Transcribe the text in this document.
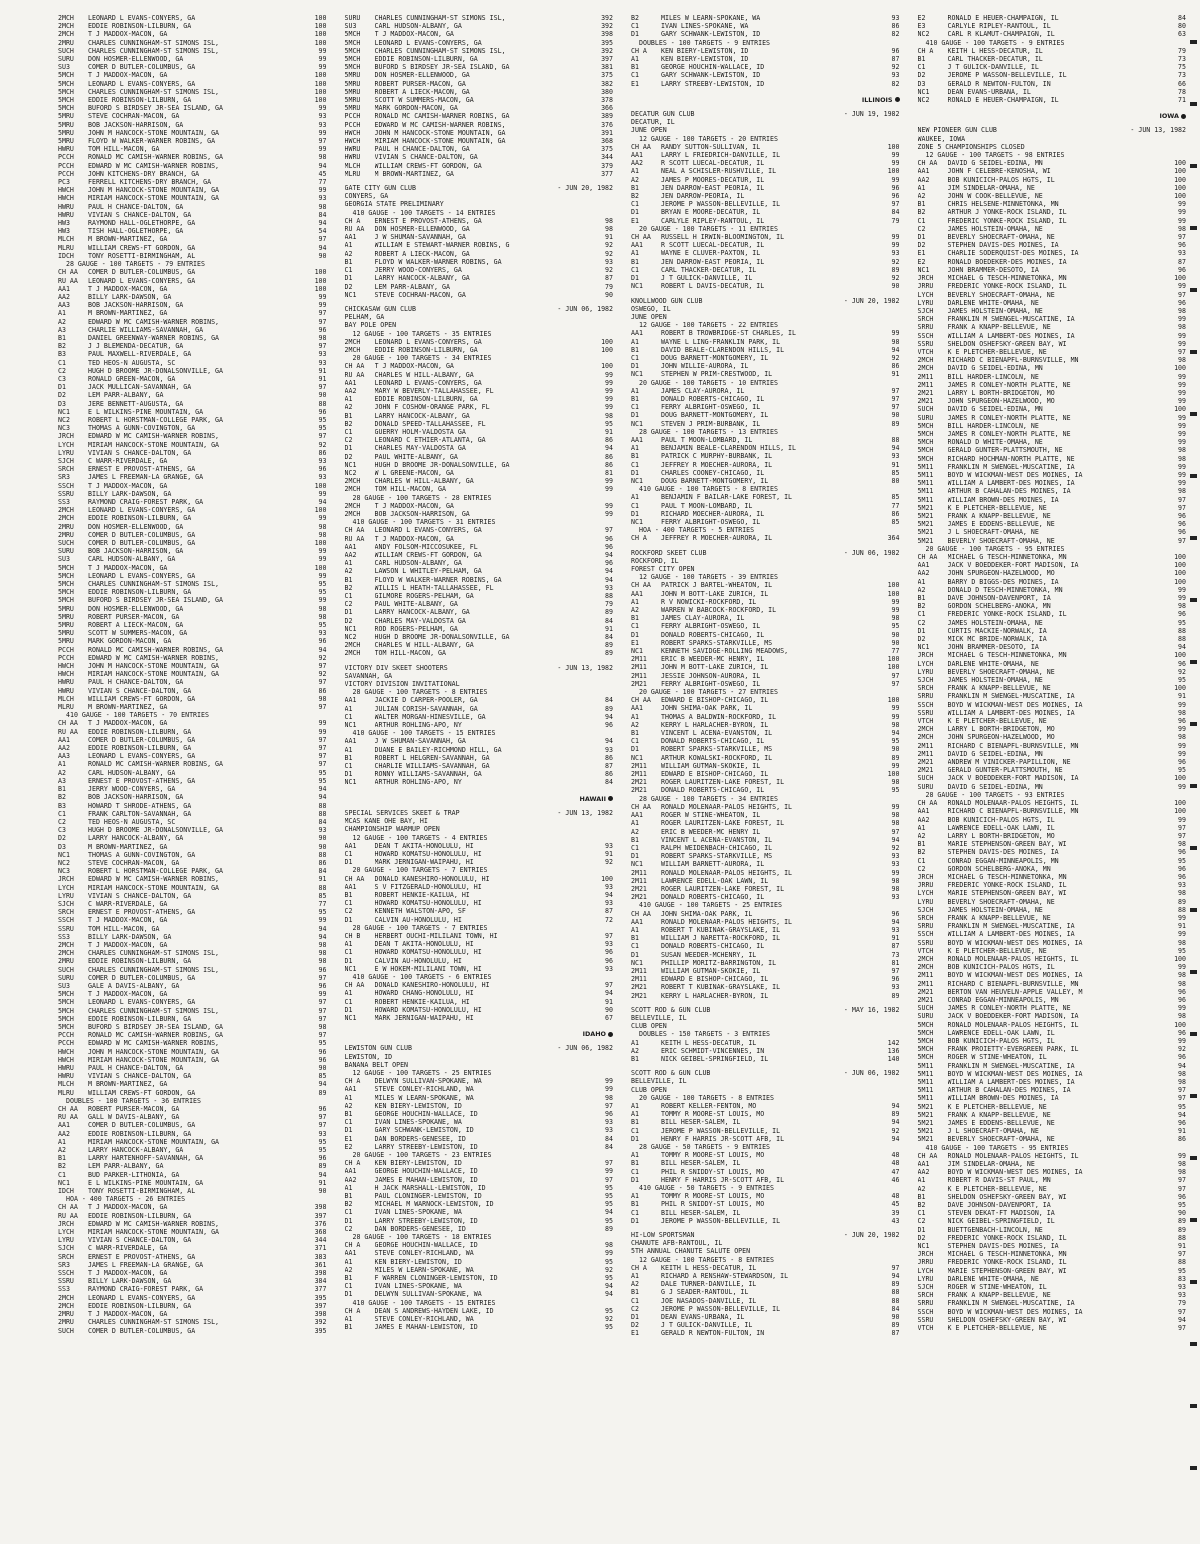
2MCH	LEONARD L EVANS-CONYERS, GA	100
2MCH	EDDIE ROBINSON-LILBURN, GA	100
2MCH	T J MADDOX-MACON, GA	100
2MRU	CHARLES CUNNINGHAM-ST SIMONS ISL,	100
SUCH	CHARLES CUNNINGHAM-ST SIMONS ISL,	99
SURU	DON HOSMER-ELLENWOOD, GA	99
SU3	COMER D BUTLER-COLUMBUS, GA	99
5MCH	T J MADDOX-MACON, GA	100
5MCH	LEONARD L EVANS-CONYERS, GA	100
5MCH	CHARLES CUNNINGHAM-ST SIMONS ISL,	100
5MCH	EDDIE ROBINSON-LILBURN, GA	100
5MCH	BUFORD S BIRDSEY JR-SEA ISLAND, GA	99
5MRU	STEVE COCHRAN-MACON, GA	93
5MRU	BOB JACKSON-HARRISON, GA	93
5MRU	JOHN M HANCOCK-STONE MOUNTAIN, GA	99
5MRU	FLOYD W WALKER-WARNER ROBINS, GA	97
HWRU	TOM HILL-MACON, GA	99
PCCH	RONALD MC CAMISH-WARNER ROBINS, GA	98
PCCH	EDWARD W MC CAMISH-WARNER ROBINS,	94
PCCH	JOHN KITCHENS-DRY BRANCH, GA	45
PC3	FERRELL KITCHENS-DRY BRANCH, GA	77
HWCH	JOHN M HANCOCK-STONE MOUNTAIN, GA	99
HWCH	MIRIAM HANCOCK-STONE MOUNTAIN, GA	93
HWRU	PAUL H CHANCE-DALTON, GA	98
HWRU	VIVIAN S CHANCE-DALTON, GA	84
HW3	RAYMOND HALL-OGLETHORPE, GA	94
HW3	TISH HALL-OGLETHORPE, GA	54
MLCH	M BROWN-MARTINEZ, GA	97
MLRU	WILLIAM CREWS-FT GORDON, GA	94
IDCH	TONY ROSETTI-BIRMINGHAM, AL	90
28 GAUGE - 100 TARGETS - 79 ENTRIES
CH AA	COMER D BUTLER-COLUMBUS, GA	100
RU AA	LEONARD L EVANS-CONYERS, GA	100
AA1	T J MADDOX-MACON, GA	100
AA2	BILLY LARK-DAWSON, GA	99
AA3	BOB JACKSON-HARRISON, GA	99
A1	M BROWN-MARTINEZ, GA	97
A2	EDWARD W MC CAMISH-WARNER ROBINS,	97
A3	CHARLIE WILLIAMS-SAVANNAH, GA	96
B1	DANIEL GREENWAY-WARNER ROBINS, GA	98
B2	J J BLEMENDA-DECATUR, GA	97
B3	PAUL MAXWELL-RIVERDALE, GA	93
C1	TED HEOS-N AUGUSTA, SC	93
C2	HUGH D BROOME JR-DONALSONVILLE, GA	91
C3	RONALD GREEN-MACON, GA	91
D1	JACK MULLICAN-SAVANNAH, GA	97
D2	LEM PARR-ALBANY, GA	90
D3	JERE BENNETT-AUGUSTA, GA	88
NC1	E L WILKINS-PINE MOUNTAIN, GA	96
NC2	ROBERT L HORSTMAN-COLLEGE PARK, GA	95
NC3	THOMAS A GUNN-COVINGTON, GA	95
JRCH	EDWARD W MC CAMISH-WARNER ROBINS,	97
LYCH	MIRIAM HANCOCK-STONE MOUNTAIN, GA	92
LYRU	VIVIAN S CHANCE-DALTON, GA	86
SJCH	C WARR-RIVERDALE, GA	93
SRCH	ERNEST E PROVOST-ATHENS, GA	96
SR3	JAMES L FREEMAN-LA GRANGE, GA	93
SSCH	T J MADDOX-MACON, GA	100
SSRU	BILLY LARK-DAWSON, GA	99
SS3	RAYMOND CRAIG-FOREST PARK, GA	94
2MCH	LEONARD L EVANS-CONYERS, GA	100
2MCH	EDDIE ROBINSON-LILBURN, GA	99
2MRU	DON HOSMER-ELLENWOOD, GA	98
2MRU	COMER D BUTLER-COLUMBUS, GA	98
SUCH	COMER D BUTLER-COLUMBUS, GA	100
SURU	BOB JACKSON-HARRISON, GA	99
SU3	CARL HUDSON-ALBANY, GA	99
5MCH	T J MADDOX-MACON, GA	100
5MCH	LEONARD L EVANS-CONYERS, GA	99
5MCH	CHARLES CUNNINGHAM-ST SIMONS ISL,	95
5MCH	EDDIE ROBINSON-LILBURN, GA	95
5MCH	BUFORD S BIRDSEY JR-SEA ISLAND, GA	99
5MRU	DON HOSMER-ELLENWOOD, GA	98
5MRU	ROBERT PURSER-MACON, GA	98
5MRU	ROBERT A LIECK-MACON, GA	95
5MRU	SCOTT W SUMMERS-MACON, GA	93
5MRU	MARK GORDON-MACON, GA	96
PCCH	RONALD MC CAMISH-WARNER ROBINS, GA	94
PCCH	EDWARD W MC CAMISH-WARNER ROBINS,	92
HWCH	JOHN M HANCOCK-STONE MOUNTAIN, GA	97
HWCH	MIRIAM HANCOCK-STONE MOUNTAIN, GA	92
HWRU	PAUL H CHANCE-DALTON, GA	97
HWRU	VIVIAN S CHANCE-DALTON, GA	86
MLCH	WILLIAM CREWS-FT GORDON, GA	98
MLRU	M BROWN-MARTINEZ, GA	97
410 GAUGE - 100 TARGETS - 70 ENTRIES
CH AA	T J MADDOX-MACON, GA	99
RU AA	EDDIE ROBINSON-LILBURN, GA	99
AA1	COMER D BUTLER-COLUMBUS, GA	97
AA2	EDDIE ROBINSON-LILBURN, GA	97
AA3	LEONARD L EVANS-CONYERS, GA	97
A1	RONALD MC CAMISH-WARNER ROBINS, GA	97
A2	CARL HUDSON-ALBANY, GA	95
A3	ERNEST E PROVOST-ATHENS, GA	95
B1	JERRY WOOD-CONYERS, GA	94
B2	BOB JACKSON-HARRISON, GA	94
B3	HOWARD T SHRODE-ATHENS, GA	88
C1	FRANK CARLTON-SAVANNAH, GA	88
C2	TED HEOS-N AUGUSTA, SC	84
C3	HUGH D BROOME JR-DONALSONVILLE, GA	93
D2	LARRY HANCOCK-ALBANY, GA	90
D3	M BROWN-MARTINEZ, GA	90
NC1	THOMAS A GUNN-COVINGTON, GA	88
NC2	STEVE COCHRAN-MACON, GA	86
NC3	ROBERT L HORSTMAN-COLLEGE PARK, GA	84
JRCH	EDWARD W MC CAMISH-WARNER ROBINS,	91
LYCH	MIRIAM HANCOCK-STONE MOUNTAIN, GA	88
LYRU	VIVIAN S CHANCE-DALTON, GA	85
SJCH	C WARR-RIVERDALE, GA	77
SRCH	ERNEST E PROVOST-ATHENS, GA	95
SSCH	T J MADDOX-MACON, GA	99
SSRU	TOM HILL-MACON, GA	94
SS3	BILLY LARK-DAWSON, GA	94
2MCH	T J MADDOX-MACON, GA	98
2MCH	CHARLES CUNNINGHAM-ST SIMONS ISL,	98
2MRU	EDDIE ROBINSON-LILBURN, GA	98
SUCH	CHARLES CUNNINGHAM-ST SIMONS ISL,	96
SURU	COMER D BUTLER-COLUMBUS, GA	97
SU3	GALE A DAVIS-ALBANY, GA	96
5MCH	T J MADDOX-MACON, GA	99
5MCH	LEONARD L EVANS-CONYERS, GA	97
5MCH	CHARLES CUNNINGHAM-ST SIMONS ISL,	97
5MCH	EDDIE ROBINSON-LILBURN, GA	97
5MCH	BUFORD S BIRDSEY JR-SEA ISLAND, GA	98
PCCH	RONALD MC CAMISH-WARNER ROBINS, GA	97
PCCH	EDWARD W MC CAMISH-WARNER ROBINS,	95
HWCH	JOHN M HANCOCK-STONE MOUNTAIN, GA	96
HWCH	MIRIAM HANCOCK-STONE MOUNTAIN, GA	96
HWRU	PAUL H CHANCE-DALTON, GA	90
HWRU	VIVIAN S CHANCE-DALTON, GA	85
MLCH	M BROWN-MARTINEZ, GA	94
MLRU	WILLIAM CREWS-FT GORDON, GA	89
DOUBLES - 100 TARGETS - 36 ENTRIES
CH AA	ROBERT PURSER-MACON, GA	96
RU AA	GALL W DAVIS-ALBANY, GA	97
AA1	COMER D BUTLER-COLUMBUS, GA	97
AA2	EDDIE ROBINSON-LILBURN, GA	93
A1	MIRIAM HANCOCK-STONE MOUNTAIN, GA	95
A2	LARRY HANCOCK-ALBANY, GA	95
B1	LARRY HARTENHOFF-SAVANNAH, GA	96
B2	LEM PARR-ALBANY, GA	89
C1	BUD PARKER-LITHONIA, GA	94
NC1	E L WILKINS-PINE MOUNTAIN, GA	91
IDCH	TONY ROSETTI-BIRMINGHAM, AL	90
HOA - 400 TARGETS - 26 ENTRIES
CH AA	T J MADDOX-MACON, GA	398
RU AA	EDDIE ROBINSON-LILBURN, GA	397
JRCH	EDWARD W MC CAMISH-WARNER ROBINS,	376
LYCH	MIRIAM HANCOCK-STONE MOUNTAIN, GA	368
LYRU	VIVIAN S CHANCE-DALTON, GA	344
SJCH	C WARR-RIVERDALE, GA	371
SRCH	ERNEST E PROVOST-ATHENS, GA	383
SR3	JAMES L FREEMAN-LA GRANGE, GA	361
SSCH	T J MADDOX-MACON, GA	398
SSRU	BILLY LARK-DAWSON, GA	384
SS3	RAYMOND CRAIG-FOREST PARK, GA	377
2MCH	LEONARD L EVANS-CONYERS, GA	395
2MCH	EDDIE ROBINSON-LILBURN, GA	397
2MRU	T J MADDOX-MACON, GA	398
2MRU	CHARLES CUNNINGHAM-ST SIMONS ISL,	392
SUCH	COMER D BUTLER-COLUMBUS, GA	395
SURU	CHARLES CUNNINGHAM-ST SIMONS ISL,	392
SU3	CARL HUDSON-ALBANY, GA	392
5MCH	T J MADDOX-MACON, GA	398
5MCH	LEONARD L EVANS-CONYERS, GA	395
5MCH	CHARLES CUNNINGHAM-ST SIMONS ISL,	392
5MCH	EDDIE ROBINSON-LILBURN, GA	397
5MCH	BUFORD S BIRDSEY JR-SEA ISLAND, GA	381
5MRU	DON HOSMER-ELLENWOOD, GA	375
5MRU	ROBERT PURSER-MACON, GA	382
5MRU	ROBERT A LIECK-MACON, GA	380
5MRU	SCOTT W SUMMERS-MACON, GA	378
5MRU	MARK GORDON-MACON, GA	366
PCCH	RONALD MC CAMISH-WARNER ROBINS, GA	389
PCCH	EDWARD W MC CAMISH-WARNER ROBINS,	376
HWCH	JOHN M HANCOCK-STONE MOUNTAIN, GA	391
HWCH	MIRIAM HANCOCK-STONE MOUNTAIN, GA	368
HWRU	PAUL H CHANCE-DALTON, GA	375
HWRU	VIVIAN S CHANCE-DALTON, GA	344
MLCH	WILLIAM CREWS-FT GORDON, GA	379
MLRU	M BROWN-MARTINEZ, GA	377
GATE CITY GUN CLUB	- JUN 20, 1982
CONYERS, GA
GEORGIA STATE PRELIMINARY
410 GAUGE - 100 TARGETS - 14 ENTRIES
CH A	ERNEST E PROVOST-ATHENS, GA	98
RU AA	DON HOSMER-ELLENWOOD, GA	98
AA1	J W SHUMAN-SAVANNAH, GA	91
A1	WILLIAM E STEWART-WARNER ROBINS, G	92
A2	ROBERT A LIECK-MACON, GA	92
B1	FLOYD W WALKER-WARNER ROBINS, GA	93
C1	JERRY WOOD-CONYERS, GA	92
D1	LARRY HANCOCK-ALBANY, GA	87
D2	LEM PARR-ALBANY, GA	79
NC1	STEVE COCHRAN-MACON, GA	90
CHICKASAW GUN CLUB	- JUN 06, 1982
PELHAM, GA
BAY POLE OPEN
12 GAUGE - 100 TARGETS - 35 ENTRIES
2MCH	LEONARD L EVANS-CONYERS, GA	100
2MCH	EDDIE ROBINSON-LILBURN, GA	100
20 GAUGE - 100 TARGETS - 34 ENTRIES
CH AA	T J MADDOX-MACON, GA	100
RU AA	CHARLES W HILL-ALBANY, GA	99
AA1	LEONARD L EVANS-CONYERS, GA	99
AA2	MARY W BEVERLY-TALLAHASSEE, FL	99
A1	EDDIE ROBINSON-LILBURN, GA	99
A2	JOHN F COSHOW-ORANGE PARK, FL	99
B1	LARRY HANCOCK-ALBANY, GA	98
B2	DONALD SPEED-TALLAHASSEE, FL	95
C1	GUERRY HOLM-VALDOSTA GA	91
C2	LEONARD C ETHIER-ATLANTA, GA	86
D1	CHARLES MAY-VALDOSTA GA	94
D2	PAUL WHITE-ALBANY, GA	86
NC1	HUGH D BROOME JR-DONALSONVILLE, GA	86
NC2	W L GREENE-MACON, GA	81
2MCH	CHARLES W HILL-ALBANY, GA	99
2MCH	TOM HILL-MACON, GA	99
28 GAUGE - 100 TARGETS - 28 ENTRIES
2MCH	T J MADDOX-MACON, GA	99
2MCH	BOB JACKSON-HARRISON, GA	99
410 GAUGE - 100 TARGETS - 31 ENTRIES
CH AA	LEONARD L EVANS-CONYERS, GA	97
RU AA	T J MADDOX-MACON, GA	96
AA1	ANDY FOLSOM-MICCOSUKEE, FL	96
AA2	WILLIAM CREWS-FT GORDON, GA	94
A1	CARL HUDSON-ALBANY, GA	96
A2	LAWSON L WHITLEY-PELHAM, GA	94
B1	FLOYD W WALKER-WARNER ROBINS, GA	94
B2	WILLIS L HEATH-TALLAHASSEE, FL	93
C1	GILMORE ROGERS-PELHAM, GA	88
C2	PAUL WHITE-ALBANY, GA	79
D1	LARRY HANCOCK-ALBANY, GA	89
D2	CHARLES MAY-VALDOSTA GA	84
NC1	ROD ROGERS-PELHAM, GA	91
NC2	HUGH D BROOME JR-DONALSONVILLE, GA	84
2MCH	CHARLES W HILL-ALBANY, GA	89
2MCH	TOM HILL-MACON, GA	89
VICTORY DIV SKEET SHOOTERS	- JUN 13, 1982
SAVANNAH, GA
VICTORY DIVISION INVITATIONAL
28 GAUGE - 100 TARGETS - 8 ENTRIES
AA1	JACKIE D CARPER-POOLER, GA	84
A1	JULIAN CORISH-SAVANNAH, GA	89
C1	WALTER MORGAN-HINESVILLE, GA	94
NC1	ARTHUR ROHLING-APO, NY	96
410 GAUGE - 100 TARGETS - 15 ENTRIES
AA1	J W SHUMAN-SAVANNAH, GA	94
A1	DUANE E BAILEY-RICHMOND HILL, GA	93
B1	ROBERT L HELGREN-SAVANNAH, GA	86
C1	CHARLIE WILLIAMS-SAVANNAH, GA	87
D1	RONNY WILLIAMS-SAVANNAH, GA	86
NC1	ARTHUR ROHLING-APO, NY	84
HAWAII
SPECIAL SERVICES SKEET & TRAP	- JUN 13, 1982
MCAS KANE OHE BAY, HI
CHAMPIONSHIP WARMUP OPEN
12 GAUGE - 100 TARGETS - 4 ENTRIES
AA1	DEAN T AKITA-HONOLULU, HI	93
C1	HOWARD KOMATSU-HONOLULU, HI	91
D1	MARK JERNIGAN-WAIPAHU, HI	92
20 GAUGE - 100 TARGETS - 7 ENTRIES
CH AA	DONALD KANESHIRO-HONOLULU, HI	100
AA1	S V FITZGERALD-HONOLULU, HI	93
B1	ROBERT HENKIE-KAILUA, HI	94
C1	HOWARD KOMATSU-HONOLULU, HI	93
C2	KENNETH WALSTON-APO, SF	87
D1	CALVIN AU-HONOLULU, HI	72
28 GAUGE - 100 TARGETS - 7 ENTRIES
CH B	HERBERT OUCHI-MILILANI TOWN, HI	97
A1	DEAN T AKITA-HONOLULU, HI	93
C1	HOWARD KOMATSU-HONOLULU, HI	96
D1	CALVIN AU-HONOLULU, HI	96
NC1	E W HOKEM-MILILANI TOWN, HI	93
410 GAUGE - 100 TARGETS - 6 ENTRIES
CH AA	DONALD KANESHIRO-HONOLULU, HI	97
A1	HOWARD CHANG-HONOLULU, HI	94
C1	ROBERT HENKIE-KAILUA, HI	91
D1	HOWARD KOMATSU-HONOLULU, HI	90
NC1	MARK JERNIGAN-WAIPAHU, HI	67
IDAHO
LEWISTON GUN CLUB	- JUN 06, 1982
LEWISTON, ID
BANANA BELT OPEN
12 GAUGE - 100 TARGETS - 25 ENTRIES
CH A	DELWYN SULLIVAN-SPOKANE, WA	99
AA1	STEVE CONLEY-RICHLAND, WA	99
A1	MILES W LEARN-SPOKANE, WA	98
A2	KEN BIERY-LEWISTON, ID	97
B1	GEORGE HOUCHIN-WALLACE, ID	96
C1	IVAN LINES-SPOKANE, WA	93
D1	GARY SCHWANK-LEWISTON, ID	93
E1	DAN BORDERS-GENESEE, ID	84
E2	LARRY STREEBY-LEWISTON, ID	84
20 GAUGE - 100 TARGETS - 23 ENTRIES
CH A	KEN BIERY-LEWISTON, ID	97
AA1	GEORGE HOUCHIN-WALLACE, ID	99
AA2	JAMES E MAHAN-LEWISTON, ID	97
A1	H JACK MARSHALL-LEWISTON, ID	95
B1	PAUL CLONINGER-LEWISTON, ID	95
B2	MICHAEL M WARNOCK-LEWISTON, ID	95
C1	IVAN LINES-SPOKANE, WA	94
D1	LARRY STREEBY-LEWISTON, ID	95
C2	DAN BORDERS-GENESEE, ID	89
28 GAUGE - 100 TARGETS - 18 ENTRIES
CH A	GEORGE HOUCHIN-WALLACE, ID	98
AA1	STEVE CONLEY-RICHLAND, WA	99
A1	KEN BIERY-LEWISTON, ID	95
A2	MILES W LEARN-SPOKANE, WA	92
B1	F WARREN CLONINGER-LEWISTON, ID	95
C1	IVAN LINES-SPOKANE, WA	94
D1	DELWYN SULLIVAN-SPOKANE, WA	94
410 GAUGE - 100 TARGETS - 15 ENTRIES
CH A	DEAN S ANDREWS-HAYDEN LAKE, ID	95
A1	STEVE CONLEY-RICHLAND, WA	92
B1	JAMES E MAHAN-LEWISTON, ID	95
B2	MILES W LEARN-SPOKANE, WA	93
C1	IVAN LINES-SPOKANE, WA	86
D1	GARY SCHWANK-LEWISTON, ID	82
DOUBLES - 100 TARGETS - 9 ENTRIES
CH A	KEN BIERY-LEWISTON, ID	96
A1	KEN BIERY-LEWISTON, ID	87
B1	GEORGE HOUCHIN-WALLACE, ID	92
C1	GARY SCHWANK-LEWISTON, ID	93
E1	LARRY STREEBY-LEWISTON, ID	82
ILLINOIS
DECATUR GUN CLUB	- JUN 19, 1982
DECATUR, IL
JUNE OPEN
12 GAUGE - 100 TARGETS - 20 ENTRIES
CH AA	RANDY SUTTON-SULLIVAN, IL	100
AA1	LARRY L FRIEDRICH-DANVILLE, IL	99
AA2	R SCOTT LUECAL-DECATUR, IL	99
A1	NEAL A SCHISLER-RUSHVILLE, IL	100
A2	JAMES P MOORES-DECATUR, IL	99
B1	JEN DARROW-EAST PEORIA, IL	96
B2	JEN DARROW-PEORIA, IL	96
C1	JEROME P WASSON-BELLEVILLE, IL	97
D1	BRYAN E MOORE-DECATUR, IL	84
E1	CARLYLE RIPLEY-RANTOUL, IL	79
20 GAUGE - 100 TARGETS - 11 ENTRIES
CH AA	RUSSELL H IRWIN-BLOOMINGTON, IL	99
AA1	R SCOTT LUECAL-DECATUR, IL	99
A1	WAYNE E CLUVER-PAXTON, IL	93
B1	JEN DARROW-EAST PEORIA, IL	92
C1	CARL THACKER-DECATUR, IL	89
D1	J T GULICK-DANVILLE, IL	92
NC1	ROBERT L DAVIS-DECATUR, IL	90
KNOLLWOOD GUN CLUB	- JUN 20, 1982
OSWEGO, IL
JUNE OPEN
12 GAUGE - 100 TARGETS - 22 ENTRIES
AA1	ROBERT B TROWBRIDGE-ST CHARLES, IL	99
A1	WAYNE L LING-FRANKLIN PARK, IL	98
B1	DAVID BEALE-CLARENDON HILLS, IL	94
C1	DOUG BARNETT-MONTGOMERY, IL	92
D1	JOHN WILLIE-AURORA, IL	86
NC1	STEPHEN W PRIM-CRESTWOOD, IL	91
20 GAUGE - 100 TARGETS - 10 ENTRIES
A1	JAMES CLAY-AURORA, IL	97
B1	DONALD ROBERTS-CHICAGO, IL	97
C1	FERRY ALBRIGHT-OSWEGO, IL	97
D1	DOUG BARNETT-MONTGOMERY, IL	90
NC1	STEVEN J PRIM-BURBANK, IL	89
28 GAUGE - 100 TARGETS - 13 ENTRIES
AA1	PAUL T MOON-LOMBARD, IL	88
A1	BENJAMIN BEALE-CLARENDON HILLS, IL	94
B1	PATRICK C MURPHY-BURBANK, IL	93
C1	JEFFREY R MOECHER-AURORA, IL	91
D1	CHARLES COONEY-CHICAGO, IL	85
NC1	DOUG BARNETT-MONTGOMERY, IL	80
410 GAUGE - 100 TARGETS - 8 ENTRIES
A1	BENJAMIN F BAILAR-LAKE FOREST, IL	85
C1	PAUL T MOON-LOMBARD, IL	77
D1	RICHARD MOECHER-AURORA, IL	86
NC1	FERRY ALBRIGHT-OSWEGO, IL	85
HOA - 400 TARGETS - 5 ENTRIES
CH A	JEFFREY R MOECHER-AURORA, IL	364
ROCKFORD SKEET CLUB	- JUN 06, 1982
ROCKFORD, IL
FOREST CITY OPEN
12 GAUGE - 100 TARGETS - 39 ENTRIES
CH AA	PATRICK J BARTEL-WHEATON, IL	100
AA1	JOHN M BOTT-LAKE ZURICH, IL	100
A1	R V NOWICKI-ROCKFORD, IL	99
A2	WARREN W BABCOCK-ROCKFORD, IL	99
B1	JAMES CLAY-AURORA, IL	98
C1	FERRY ALBRIGHT-OSWEGO, IL	95
D1	DONALD ROBERTS-CHICAGO, IL	90
E1	ROBERT SPARKS-STARKVILLE, MS	90
NC1	KENNETH SAVIDGE-ROLLING MEADOWS,	77
2M11	ERIC B WEEDER-MC HENRY, IL	100
2M11	JOHN M BOTT-LAKE ZURICH, IL	100
2M11	JESSIE JOHNSON-AURORA, IL	97
2M21	FERRY ALBRIGHT-OSWEGO, IL	97
20 GAUGE - 100 TARGETS - 27 ENTRIES
CH AA	EDWARD E BISHOP-CHICAGO, IL	100
AA1	JOHN SHIMA-OAK PARK, IL	99
A1	THOMAS A BALDWIN-ROCKFORD, IL	99
A2	KERRY L HARLACHER-BYRON, IL	98
B1	VINCENT L ACENA-EVANSTON, IL	94
C1	DONALD ROBERTS-CHICAGO, IL	95
D1	ROBERT SPARKS-STARKVILLE, MS	90
NC1	ARTHUR KOWALSKI-ROCKFORD, IL	89
2M11	WILLIAM GUTMAN-SKOKIE, IL	99
2M11	EDWARD E BISHOP-CHICAGO, IL	100
2M21	ROGER LAURITZEN-LAKE FOREST, IL	98
2M21	DONALD ROBERTS-CHICAGO, IL	95
28 GAUGE - 100 TARGETS - 34 ENTRIES
CH AA	RONALD MOLENAAR-PALOS HEIGHTS, IL	99
AA1	ROGER W STINE-WHEATON, IL	98
A1	ROGER LAURITZEN-LAKE FOREST, IL	98
A2	ERIC B WEEDER-MC HENRY IL	97
B1	VINCENT L ACENA-EVANSTON, IL	94
C1	RALPH WEIDENBACH-CHICAGO, IL	92
D1	ROBERT SPARKS-STARKVILLE, MS	93
NC1	WILLIAM BARNETT-AURORA, IL	93
2M11	RONALD MOLENAAR-PALOS HEIGHTS, IL	99
2M11	LAWRENCE EDELL-OAK LAWN, IL	98
2M21	ROGER LAURITZEN-LAKE FOREST, IL	98
2M21	DONALD ROBERTS-CHICAGO, IL	93
410 GAUGE - 100 TARGETS - 25 ENTRIES
CH AA	JOHN SHIMA-OAK PARK, IL	96
AA1	RONALD MOLENAAR-PALOS HEIGHTS, IL	94
A1	ROBERT T KUBINAK-GRAYSLAKE, IL	93
B1	WILLIAM J NARETTA-ROCKFORD, IL	91
C1	DONALD ROBERTS-CHICAGO, IL	87
D1	SUSAN WEEDER-MCHENRY, IL	73
NC1	PHILLIP MORITZ-BARRINGTON, IL	81
2M11	WILLIAM GUTMAN-SKOKIE, IL	97
2M11	EDWARD E BISHOP-CHICAGO, IL	96
2M21	ROBERT T KUBINAK-GRAYSLAKE, IL	93
2M21	KERRY L HARLACHER-BYRON, IL	89
SCOTT ROD & GUN CLUB	- MAY 16, 1982
BELLEVILLE, IL
CLUB OPEN
DOUBLES - 150 TARGETS - 3 ENTRIES
A1	KEITH L HESS-DECATUR, IL	142
A2	ERIC SCHMIDT-VINCENNES, IN	136
B1	NICK GEIBEL-SPRINGFIELD, IL	140
SCOTT ROD & GUN CLUB	- JUN 06, 1982
BELLEVILLE, IL
CLUB OPEN
20 GAUGE - 100 TARGETS - 8 ENTRIES
A1	ROBERT KELLER-FENTON, MO	94
A1	TOMMY R MOORE-ST LOUIS, MO	89
B1	BILL HESER-SALEM, IL	94
C1	JEROME P WASSON-BELLEVILLE, IL	92
D1	HENRY F HARRIS JR-SCOTT AFB, IL	94
28 GAUGE - 50 TARGETS - 9 ENTRIES
A1	TOMMY R MOORE-ST LOUIS, MO	48
B1	BILL HESER-SALEM, IL	48
C1	PHIL R SNIDDY-ST LOUIS, MO	47
D1	HENRY F HARRIS JR-SCOTT AFB, IL	46
410 GAUGE - 50 TARGETS - 9 ENTRIES
A1	TOMMY R MOORE-ST LOUIS, MO	48
B1	PHIL R SNIDDY-ST LOUIS, MO	45
C1	BILL HESER-SALEM, IL	39
D1	JEROME P WASSON-BELLEVILLE, IL	43
HI-LOW SPORTSMAN	- JUN 20, 1982
CHANUTE AFB-RANTOUL, IL
5TH ANNUAL CHANUTE SALUTE OPEN
12 GAUGE - 100 TARGETS - 8 ENTRIES
CH A	KEITH L HESS-DECATUR, IL	97
A1	RICHARD A RENSHAW-STEWARDSON, IL	94
A2	DALE TURNER-DANVILLE, IL	89
B1	G J SEADER-RANTOUL, IL	88
C1	JOE NASADOS-DANVILLE, IL	88
C2	JEROME P WASSON-BELLEVILLE, IL	84
D1	DEAN EVANS-URBANA, IL	90
D2	J T GULICK-DANVILLE, IL	89
E1	GERALD R NEWTON-FULTON, IN	87
E2	RONALD E HEUER-CHAMPAIGN, IL	84
E3	CARLYLE RIPLEY-RANTOUL, IL	80
NC2	CARL R KLAMUT-CHAMPAIGN, IL	63
410 GAUGE - 100 TARGETS - 9 ENTRIES
CH A	KEITH L HESS-DECATUR, IL	79
B1	CARL THACKER-DECATUR, IL	73
C1	J T GULICK-DANVILLE, IL	75
D2	JEROME P WASSON-BELLEVILLE, IL	73
D3	GERALD R NEWTON-FULTON, IN	66
NC1	DEAN EVANS-URBANA, IL	78
NC2	RONALD E HEUER-CHAMPAIGN, IL	71
IOWA
NEW PIONEER GUN CLUB	- JUN 13, 1982
WAUKEE, IOWA
ZONE 5 CHAMPIONSHIPS CLOSED
12 GAUGE - 100 TARGETS - 98 ENTRIES
CH AA	DAVID G SEIDEL-EDINA, MN	100
AA1	JOHN F CELEBRE-KENOSHA, WI	100
AA2	BOB KUNICICH-PALOS HGTS, IL	100
A1	JIM SINDELAR-OMAHA, NE	100
A2	JOHN W COOK-BELLEVUE, NE	100
B1	CHRIS HELSENE-MINNETONKA, MN	99
B2	ARTHUR J YONKE-ROCK ISLAND, IL	99
C1	FREDERIC YONKE-ROCK ISLAND, IL	99
C2	JAMES HOLSTEIN-OMAHA, NE	98
D1	BEVERLY SHOECRAFT-OMAHA, NE	97
D2	STEPHEN DAVIS-DES MOINES, IA	96
E1	CHARLIE SODERQUIST-DES MOINES, IA	93
E2	RONALD BOEDEKER-DES MOINES, IA	87
NC1	JOHN BRAMMER-DESOTO, IA	96
JRCH	MICHAEL G TESCH-MINNETONKA, MN	100
JRRU	FREDERIC YONKE-ROCK ISLAND, IL	99
LYCH	BEVERLY SHOECRAFT-OMAHA, NE	97
LYRU	DARLENE WHITE-OMAHA, NE	96
SJCH	JAMES HOLSTEIN-OMAHA, NE	98
SRCH	FRANKLIN M SWENGEL-MUSCATINE, IA	99
SRRU	FRANK A KNAPP-BELLEVUE, NE	98
SSCH	WILLIAM A LAMBERT-DES MOINES, IA	99
SSRU	SHELDON OSHEFSKY-GREEN BAY, WI	99
VTCH	K E PLETCHER-BELLEVUE, NE	97
2MCH	RICHARD C BIENAPFL-BURNSVILLE, MN	98
2MCH	DAVID G SEIDEL-EDINA, MN	100
2M11	BILL HARDER-LINCOLN, NE	99
2M11	JAMES R CONLEY-NORTH PLATTE, NE	99
2M21	LARRY L BORTH-BRIDGETON, MO	99
2M21	JOHN SPURGEON-HAZELWOOD, MO	99
SUCH	DAVID G SEIDEL-EDINA, MN	100
SURU	JAMES R CONLEY-NORTH PLATTE, NE	99
5MCH	BILL HARDER-LINCOLN, NE	99
5MCH	JAMES R CONLEY-NORTH PLATTE, NE	99
5MCH	RONALD D WHITE-OMAHA, NE	99
5MCH	GERALD GUNTER-PLATTSMOUTH, NE	98
5MCH	RICHARD HOCHMAN-NORTH PLATTE, NE	98
5M11	FRANKLIN M SWENGEL-MUSCATINE, IA	99
5M11	BOYD W WICKMAN-WEST DES MOINES, IA	99
5M11	WILLIAM A LAMBERT-DES MOINES, IA	99
5M11	ARTHUR B CAHALAN-DES MOINES, IA	98
5M11	WILLIAM BROWN-DES MOINES, IA	97
5M21	K E PLETCHER-BELLEVUE, NE	97
5M21	FRANK A KNAPP-BELLEVUE, NE	96
5M21	JAMES E EDDENS-BELLEVUE, NE	96
5M21	J L SHOECRAFT-OMAHA, NE	96
5M21	BEVERLY SHOECRAFT-OMAHA, NE	97
20 GAUGE - 100 TARGETS - 95 ENTRIES
CH AA	MICHAEL G TESCH-MINNETONKA, MN	100
AA1	JACK V BOEDDEKER-FORT MADISON, IA	100
AA2	JOHN SPURGEON-HAZELWOOD, MO	100
A1	BARRY D BIGGS-DES MOINES, IA	100
A2	DONALD D TESCH-MINNETONKA, MN	99
B1	DAVE JOHNSON-DAVENPORT, IA	99
B2	GORDON SCHELBERG-ANOKA, MN	98
C1	FREDERIC YONKE-ROCK ISLAND, IL	96
C2	JAMES HOLSTEIN-OMAHA, NE	95
D1	CURTIS MACKIE-NORWALK, IA	88
D2	MICK MC BRIDE-NORWALK, IA	88
NC1	JOHN BRAMMER-DESOTO, IA	94
JRCH	MICHAEL G TESCH-MINNETONKA, MN	100
LYCH	DARLENE WHITE-OMAHA, NE	96
LYRU	BEVERLY SHOECRAFT-OMAHA, NE	92
SJCH	JAMES HOLSTEIN-OMAHA, NE	95
SRCH	FRANK A KNAPP-BELLEVUE, NE	100
SRRU	FRANKLIN M SWENGEL-MUSCATINE, IA	91
SSCH	BOYD W WICKMAN-WEST DES MOINES, IA	99
SSRU	WILLIAM A LAMBERT-DES MOINES, IA	98
VTCH	K E PLETCHER-BELLEVUE, NE	96
2MCH	LARRY L BORTH-BRIDGETON, MO	99
2MCH	JOHN SPURGEON-HAZELWOOD, MO	98
2M11	RICHARD C BIENAPFL-BURNSVILLE, MN	99
2M11	DAVID G SEIDEL-EDINA, MN	99
2M21	ANDREW M VINICKER-PAPILLION, NE	96
2M21	GERALD GUNTER-PLATTSMOUTH, NE	95
SUCH	JACK V BOEDDEKER-FORT MADISON, IA	100
SURU	DAVID G SEIDEL-EDINA, MN	99
28 GAUGE - 100 TARGETS - 93 ENTRIES
CH AA	RONALD MOLENAAR-PALOS HEIGHTS, IL	100
AA1	RICHARD C BIENAPFL-BURNSVILLE, MN	100
AA2	BOB KUNICICH-PALOS HGTS, IL	99
A1	LAWRENCE EDELL-OAK LAWN, IL	97
A2	LARRY L BORTH-BRIDGETON, MO	97
B1	MARIE STEPHENSON-GREEN BAY, WI	98
B2	STEPHEN DAVIS-DES MOINES, IA	96
C1	CONRAD EGGAN-MINNEAPOLIS, MN	95
C2	GORDON SCHELBERG-ANOKA, MN	96
JRCH	MICHAEL G TESCH-MINNETONKA, MN	96
JRRU	FREDERIC YONKE-ROCK ISLAND, IL	93
LYCH	MARIE STEPHENSON-GREEN BAY, WI	98
LYRU	BEVERLY SHOECRAFT-OMAHA, NE	89
SJCH	JAMES HOLSTEIN-OMAHA, NE	88
SRCH	FRANK A KNAPP-BELLEVUE, NE	99
SRRU	FRANKLIN M SWENGEL-MUSCATINE, IA	91
SSCH	WILLIAM A LAMBERT-DES MOINES, IA	99
SSRU	BOYD W WICKMAN-WEST DES MOINES, IA	98
VTCH	K E PLETCHER-BELLEVUE, NE	95
2MCH	RONALD MOLENAAR-PALOS HEIGHTS, IL	100
2MCH	BOB KUNICICH-PALOS HGTS, IL	99
2M11	BOYD W WICKMAN-WEST DES MOINES, IA	98
2M11	RICHARD C BIENAPFL-BURNSVILLE, MN	98
2M21	BERTON VAN HEUVELN-APPLE VALLEY, M	96
2M21	CONRAD EGGAN-MINNEAPOLIS, MN	96
SUCH	JAMES R CONLEY-NORTH PLATTE, NE	99
SURU	JACK V BOEDDEKER-FORT MADISON, IA	98
5MCH	RONALD MOLENAAR-PALOS HEIGHTS, IL	100
5MCH	LAWRENCE EDELL-OAK LAWN, IL	96
5MCH	BOB KUNICICH-PALOS HGTS, IL	99
5MCH	FRANK PROIETTY-EVERGREEN PARK, IL	92
5MCH	ROGER W STINE-WHEATON, IL	96
5M11	FRANKLIN M SWENGEL-MUSCATINE, IA	94
5M11	BOYD W WICKMAN-WEST DES MOINES, IA	98
5M11	WILLIAM A LAMBERT-DES MOINES, IA	98
5M11	ARTHUR B CAHALAN-DES MOINES, IA	97
5M11	WILLIAM BROWN-DES MOINES, IA	97
5M21	K E PLETCHER-BELLEVUE, NE	95
5M21	FRANK A KNAPP-BELLEVUE, NE	94
5M21	JAMES E EDDENS-BELLEVUE, NE	96
5M21	J L SHOECRAFT-OMAHA, NE	91
5M21	BEVERLY SHOECRAFT-OMAHA, NE	86
410 GAUGE - 100 TARGETS - 95 ENTRIES
CH AA	RONALD MOLENAAR-PALOS HEIGHTS, IL	99
AA1	JIM SINDELAR-OMAHA, NE	98
AA2	BOYD W WICKMAN-WEST DES MOINES, IA	98
A1	ROBERT R DAVIS-ST PAUL, MN	97
A2	K E PLETCHER-BELLEVUE, NE	97
B1	SHELDON OSHEFSKY-GREEN BAY, WI	96
B2	DAVE JOHNSON-DAVENPORT, IA	95
C1	STEVEN DEKAT-FT MADISON, IA	90
C2	NICK GEIBEL-SPRINGFIELD, IL	89
D1	BUETTGENBACH-LINCOLN, NE	89
D2	FREDERIC YONKE-ROCK ISLAND, IL	88
NC1	STEPHEN DAVIS-DES MOINES, IA	91
JRCH	MICHAEL G TESCH-MINNETONKA, MN	97
JRRU	FREDERIC YONKE-ROCK ISLAND, IL	88
LYCH	MARIE STEPHENSON-GREEN BAY, WI	95
LYRU	DARLENE WHITE-OMAHA, NE	83
SJCH	ROGER W STINE-WHEATON, IL	93
SRCH	FRANK A KNAPP-BELLEVUE, NE	93
SRRU	FRANKLIN M SWENGEL-MUSCATINE, IA	79
SSCH	BOYD W WICKMAN-WEST DES MOINES, IA	97
SSRU	SHELDON OSHEFSKY-GREEN BAY, WI	94
VTCH	K E PLETCHER-BELLEVUE, NE	97
